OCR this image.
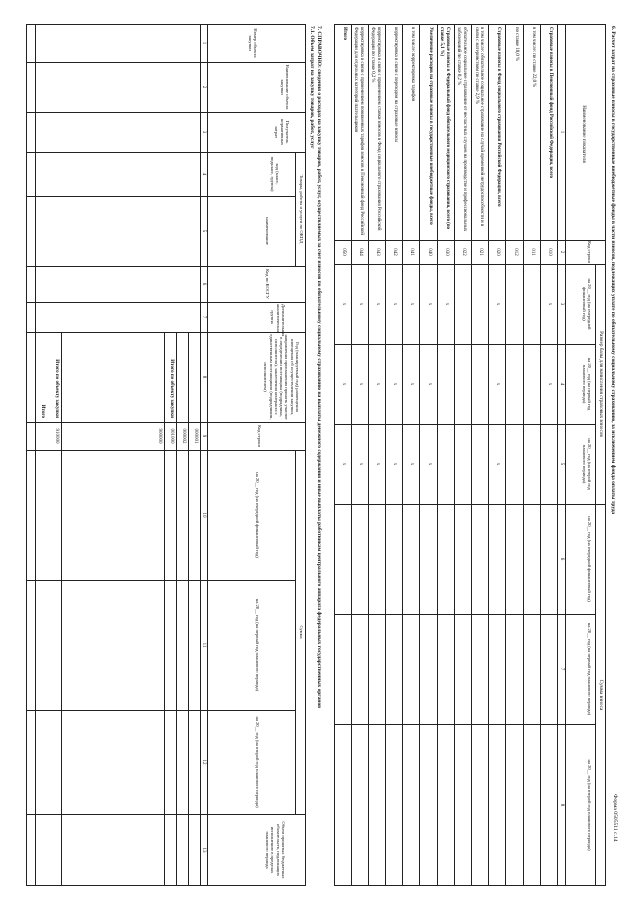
Форма 0505511 с.14
6. Расчет затрат на страховые взносы в государственные внебюджетные фонды в части взносов, подлежащих уплате по обязательному социальному страхованию, за исключением фонда оплаты труда
Наименование показателя
Код строки
Размер базы для начисления страховых взносов
Сумма взноса
на 20__ год (на очередной финансовый год)
на 20__ год (на первый год планового периода)
на 20__ год (на второй год планового периода)
на 20__ год (на очередной финансовый год)
на 20__ год (на первый год планового периода)
на 20__ год (на второй год планового периода)
1
2
3
4
5
6
7
8
Страховые взносы в Пенсионный фонд Российской Федерации, всего
010
х
х
в том числе: по ставке 22,0 %
011
по ставке 10,0 %
012
Страховые взносы в Фонд социального страхования Российской Федерации, всего
020
х
х
х
в том числе: обязательное социальное страхование на случай временной нетрудоспособности и в связи с материнством по ставке 2,9 %
021
обязательное социальное страхование от несчастных случаев на производстве и профессиональных заболеваний по ставке 0,2 %
022
Страховые взносы в Федеральный фонд обязательного медицинского страхования, всего (по ставке 5,1 %)
030
х
Увеличение расходов на страховые взносы в государственные внебюджетные фонды, всего
040
х
х
х
в том числе: корректировка тарифов
041
х
х
х
корректировка в связи с переходом на страховые взносы
042
х
х
х
корректировка в связи с применением ставки взносов в Фонд социального страхования Российской Федерации по ставке 0,2 %
043
х
х
х
корректировка в связи с применением пониженных тарифов взносов в Пенсионный фонд Российской Федерации для отдельных категорий плательщиков
044
х
х
х
Итого
050
х
х
х
7. СПРАВОЧНО: сведения о расходах на закупку товаров, работ, услуг, осуществляемых за счет взносов по обязательному социальному страхованию на выплаты денежного содержания и иные выплаты работникам центрального аппарата федеральных государственных органов
7.1. Объем затрат на закупку товаров, работ, услуг
Номер объекта закупки
Наименование объекта закупки
Получатель нормативных затрат
Товары, работы и услуги по ОКПД
код (класс, подкласс, группа)
наименование
Код по КОСГУ
Дополнительная аналитическая группа
Год (планируемый год) размещения извещения об осуществлении закупки, направления приглашения принять участие в определении поставщика (подрядчика, исполнителя), заключения контракта с единственным поставщиком (подрядчиком, исполнителем)
Сумма
Код строки
на 20__ год (на очередной финансовый год)
на 20__ год (на первый год планового периода)
на 20__ год (на второй год планового периода)
Объем принятых бюджетных обязательств, подлежащих исполнению в пределах планового периода
1
2
3
4
5
6
7
8
9
10
11
12
13
000001
000002
001000
900000
910000
Итого по объекту закупки
Итого по объекту закупки
Итого
